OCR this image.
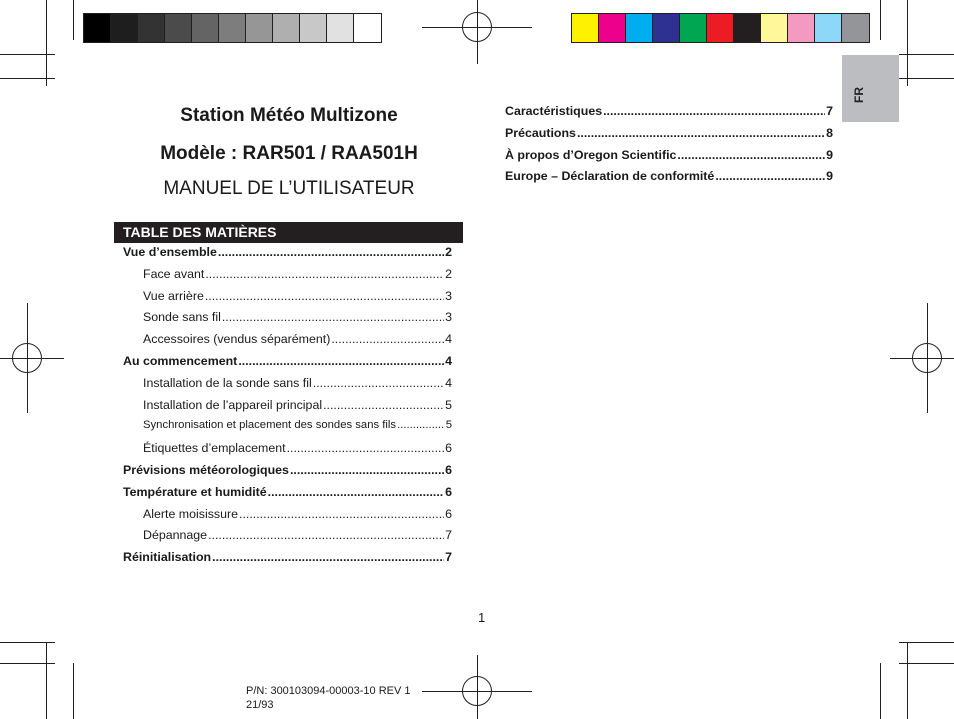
FR
Station Météo Multizone
Modèle : RAR501 / RAA501H
MANUEL DE L’UTILISATEUR
TABLE DES MATIÈRES
Vue d’ensemble .....	2
Face avant .....	2
Vue arrière .....	3
Sonde sans fil .....	3
Accessoires (vendus séparément) .....	4
Au commencement .....	4
Installation de la sonde sans fil .....	4
Installation de l’appareil principal .....	5
Synchronisation et placement des sondes sans fils .....	5
Étiquettes d’emplacement .....	6
Prévisions météorologiques .....	6
Température et humidité .....	6
Alerte moisissure .....	6
Dépannage .....	7
Réinitialisation .....	7
Caractéristiques .....	7
Précautions .....	8
À propos d’Oregon Scientific .....	9
Europe – Déclaration de conformité .....	9
1
P/N: 300103094-00003-10 REV 1
21/93
